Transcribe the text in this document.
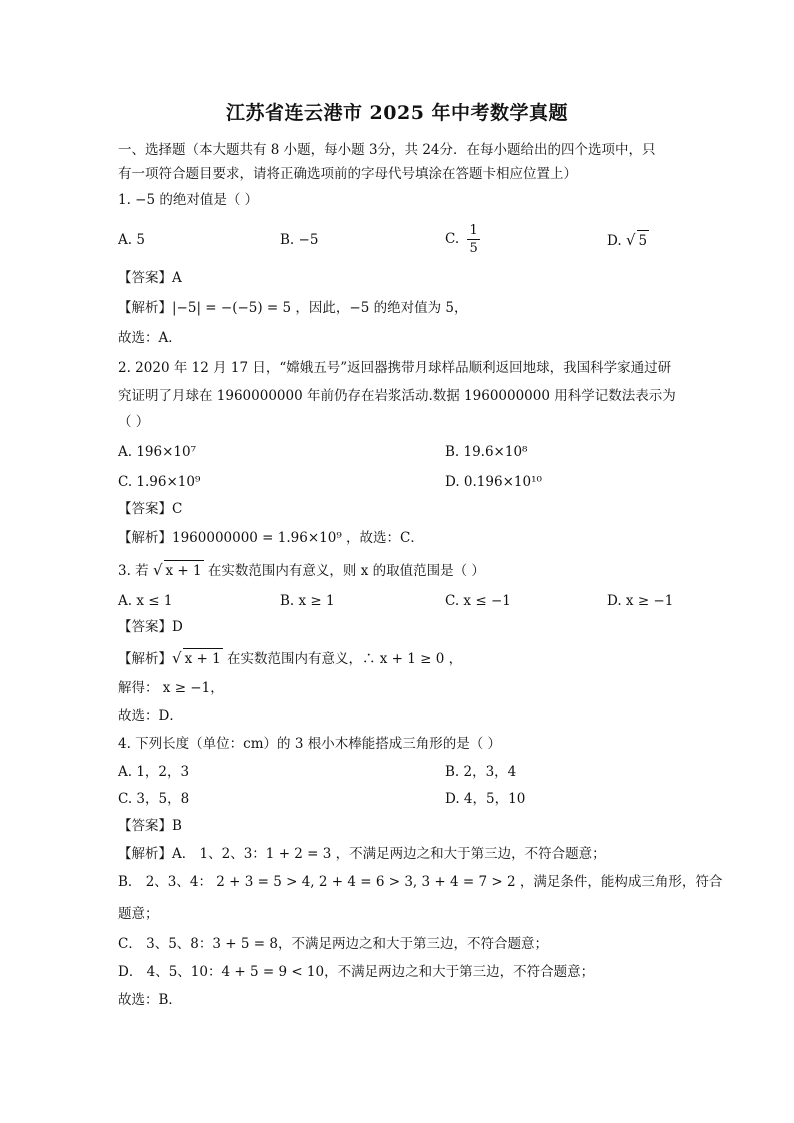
江苏省连云港市 2025 年中考数学真题
一、选择题（本大题共有 8 小题，每小题 3分，共 24分．在每小题给出的四个选项中，只
有一项符合题目要求，请将正确选项前的字母代号填涂在答题卡相应位置上）
1. −5 的绝对值是（ ）
A. 5	B. −5	C. $\frac{1}{5}$	D. √ 5
【答案】A
【解析】|−5| = −(−5) = 5 ，因此，−5 的绝对值为 5，
故选：A．
2. 2020 年 12 月 17 日，“嫦娥五号”返回器携带月球样品顺利返回地球，我国科学家通过研
究证明了月球在 1960000000 年前仍存在岩浆活动.数据 1960000000 用科学记数法表示为
（ ）
A. 196×10⁷	B. 19.6×10⁸
C. 1.96×10⁹	D. 0.196×10¹⁰
【答案】C
【解析】1960000000 = 1.96×10⁹ ，故选：C．
3. 若 √ x + 1 在实数范围内有意义，则 x 的取值范围是（ ）
A. x ≤ 1	B. x ≥ 1	C. x ≤ −1	D. x ≥ −1
【答案】D
【解析】√ x + 1 在实数范围内有意义，∴ x + 1 ≥ 0 ，
解得： x ≥ −1，
故选：D．
4. 下列长度（单位：cm）的 3 根小木棒能搭成三角形的是（ ）
A. 1，2，3	B. 2，3，4
C. 3，5，8	D. 4，5，10
【答案】B
【解析】A． 1、2、3：1 + 2 = 3 ，不满足两边之和大于第三边，不符合题意；
B． 2、3、4： 2 + 3 = 5 > 4, 2 + 4 = 6 > 3, 3 + 4 = 7 > 2 ，满足条件，能构成三角形，符合
题意；
C． 3、5、8：3 + 5 = 8，不满足两边之和大于第三边，不符合题意；
D． 4、5、10：4 + 5 = 9 < 10，不满足两边之和大于第三边，不符合题意；
故选：B．
